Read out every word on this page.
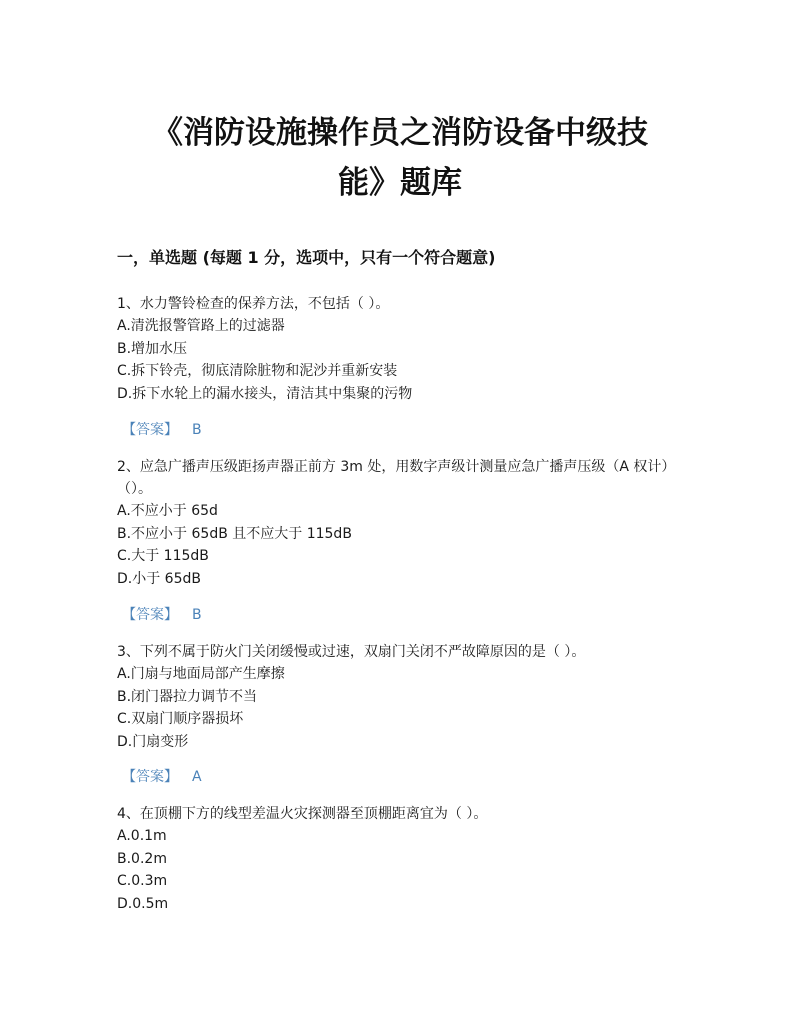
《消防设施操作员之消防设备中级技
能》题库
一，单选题 (每题 1 分，选项中，只有一个符合题意)

1、水力警铃检查的保养方法，不包括（ ）。

A.清洗报警管路上的过滤器

B.增加水压

C.拆下铃壳，彻底清除脏物和泥沙并重新安装

D.拆下水轮上的漏水接头，清洁其中集聚的污物

【答案】 B

2、应急广播声压级距扬声器正前方 3m 处，用数字声级计测量应急广播声压级（A 权计）（）。

A.不应小于 65d

B.不应小于 65dB 且不应大于 115dB

C.大于 115dB

D.小于 65dB

【答案】 B

3、下列不属于防火门关闭缓慢或过速，双扇门关闭不严故障原因的是（ ）。

A.门扇与地面局部产生摩擦

B.闭门器拉力调节不当

C.双扇门顺序器损坏

D.门扇变形

【答案】 A

4、在顶棚下方的线型差温火灾探测器至顶棚距离宜为（ ）。

A.0.1m

B.0.2m

C.0.3m

D.0.5m
